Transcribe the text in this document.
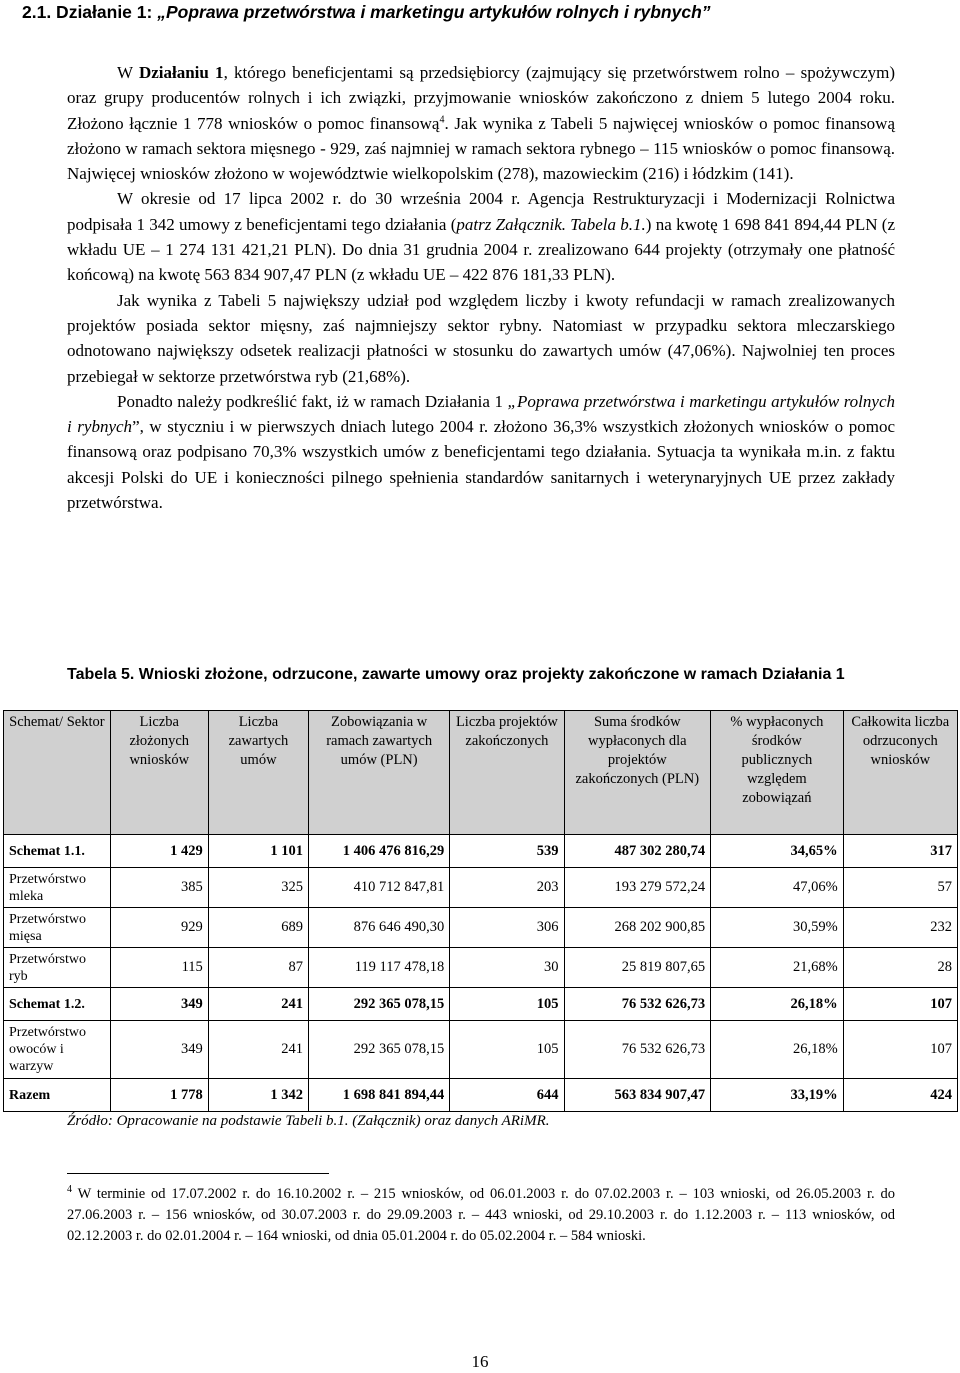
2.1. Działanie 1: „Poprawa przetwórstwa i marketingu artykułów rolnych i rybnych”

W Działaniu 1, którego beneficjentami są przedsiębiorcy (zajmujący się przetwórstwem rolno – spożywczym) oraz grupy producentów rolnych i ich związki, przyjmowanie wniosków zakończono z dniem 5 lutego 2004 roku. Złożono łącznie 1 778 wniosków o pomoc finansową$^4$. Jak wynika z Tabeli 5 najwięcej wniosków o pomoc finansową złożono w ramach sektora mięsnego - 929, zaś najmniej w ramach sektora rybnego – 115 wniosków o pomoc finansową. Najwięcej wniosków złożono w województwie wielkopolskim (278), mazowieckim (216) i łódzkim (141).

W okresie od 17 lipca 2002 r. do 30 września 2004 r. Agencja Restrukturyzacji i Modernizacji Rolnictwa podpisała 1 342 umowy z beneficjentami tego działania (patrz Załącznik. Tabela b.1.) na kwotę 1 698 841 894,44 PLN (z wkładu UE – 1 274 131 421,21 PLN). Do dnia 31 grudnia 2004 r. zrealizowano 644 projekty (otrzymały one płatność końcową) na kwotę 563 834 907,47 PLN (z wkładu UE – 422 876 181,33 PLN).

Jak wynika z Tabeli 5 największy udział pod względem liczby i kwoty refundacji w ramach zrealizowanych projektów posiada sektor mięsny, zaś najmniejszy sektor rybny. Natomiast w przypadku sektora mleczarskiego odnotowano największy odsetek realizacji płatności w stosunku do zawartych umów (47,06%). Najwolniej ten proces przebiegał w sektorze przetwórstwa ryb (21,68%).

Ponadto należy podkreślić fakt, iż w ramach Działania 1 „Poprawa przetwórstwa i marketingu artykułów rolnych i rybnych”, w styczniu i w pierwszych dniach lutego 2004 r. złożono 36,3% wszystkich złożonych wniosków o pomoc finansową oraz podpisano 70,3% wszystkich umów z beneficjentami tego działania. Sytuacja ta wynikała m.in. z faktu akcesji Polski do UE i konieczności pilnego spełnienia standardów sanitarnych i weterynaryjnych UE przez zakłady przetwórstwa.

Tabela 5. Wnioski złożone, odrzucone, zawarte umowy oraz projekty zakończone w ramach Działania 1
Schemat/ Sektor	Liczba złożonych wniosków	Liczba zawartych umów	Zobowiązania w ramach zawartych umów (PLN)	Liczba projektów zakończonych	Suma środków wypłaconych dla projektów zakończonych (PLN)	% wypłaconych środków publicznych względem zobowiązań	Całkowita liczba odrzuconych wniosków
Schemat 1.1.	1 429	1 101	1 406 476 816,29	539	487 302 280,74	34,65%	317
Przetwórstwo mleka	385	325	410 712 847,81	203	193 279 572,24	47,06%	57
Przetwórstwo mięsa	929	689	876 646 490,30	306	268 202 900,85	30,59%	232
Przetwórstwo ryb	115	87	119 117 478,18	30	25 819 807,65	21,68%	28
Schemat 1.2.	349	241	292 365 078,15	105	76 532 626,73	26,18%	107
Przetwórstwo owoców i warzyw	349	241	292 365 078,15	105	76 532 626,73	26,18%	107
Razem	1 778	1 342	1 698 841 894,44	644	563 834 907,47	33,19%	424
Źródło: Opracowanie na podstawie Tabeli b.1. (Załącznik) oraz danych ARiMR.
$^4$ W terminie od 17.07.2002 r. do 16.10.2002 r. – 215 wniosków, od 06.01.2003 r. do 07.02.2003 r. – 103 wnioski, od 26.05.2003 r. do 27.06.2003 r. – 156 wniosków, od 30.07.2003 r. do 29.09.2003 r. – 443 wnioski, od 29.10.2003 r. do 1.12.2003 r. – 113 wniosków, od 02.12.2003 r. do 02.01.2004 r. – 164 wnioski, od dnia 05.01.2004 r. do 05.02.2004 r. – 584 wnioski.
16
